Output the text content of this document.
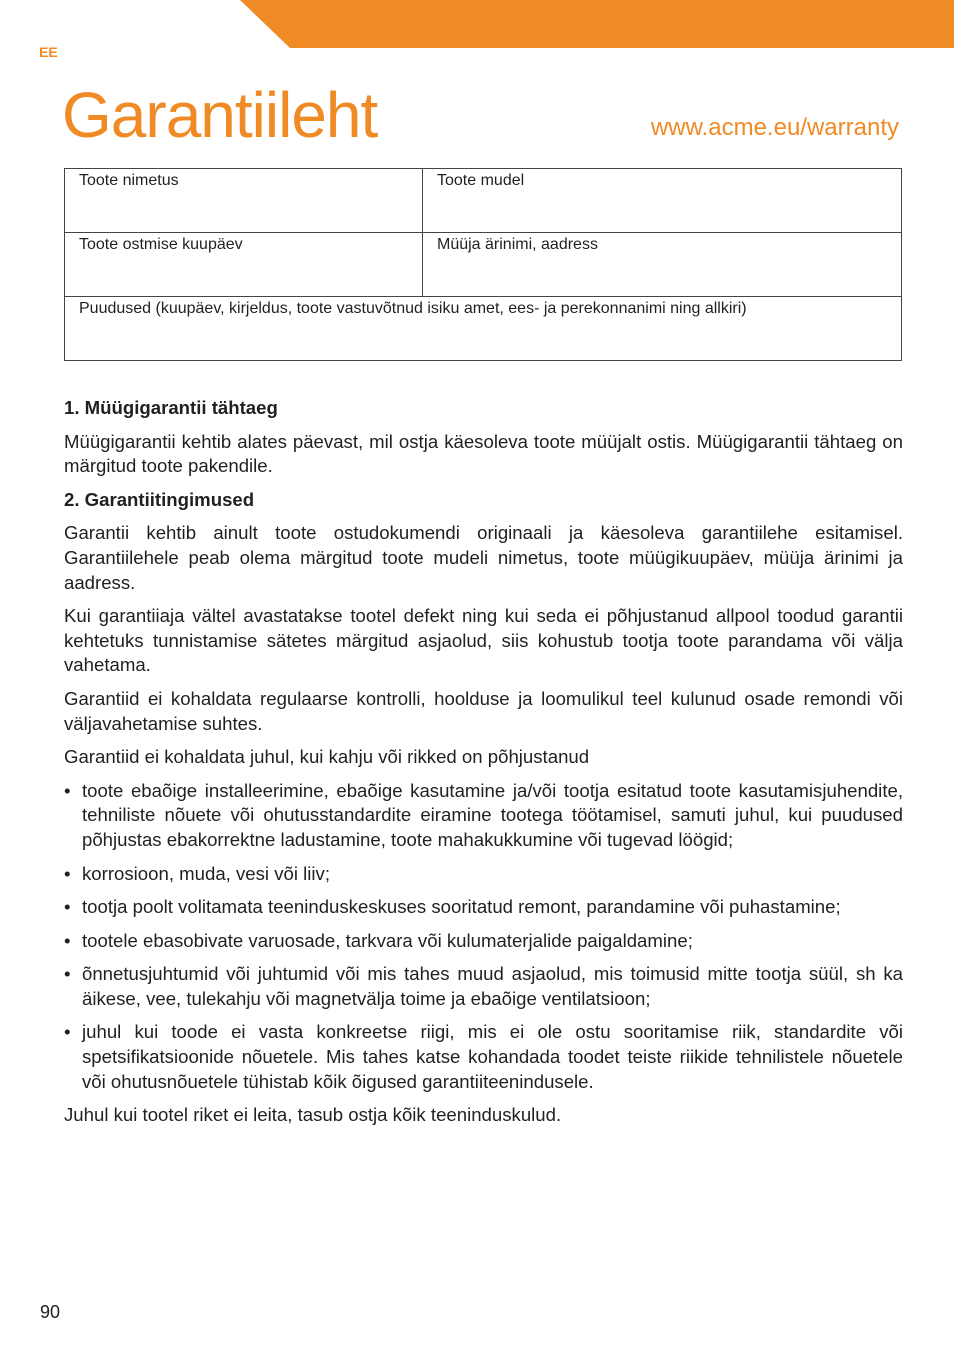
EE
Garantiileht	www.acme.eu/warranty
Toote nimetus	Toote mudel
Toote ostmise kuupäev	Müüja ärinimi, aadress
Puudused (kuupäev, kirjeldus, toote vastuvõtnud isiku amet, ees- ja perekonnanimi ning allkiri)	
1. Müügigarantii tähtaeg

Müügigarantii kehtib alates päevast, mil ostja käesoleva toote müüjalt ostis. Müügigarantii tähtaeg on märgitud toote pakendile.

2. Garantiitingimused

Garantii kehtib ainult toote ostudokumendi originaali ja käesoleva garantiilehe esitamisel. Garantiilehele peab olema märgitud toote mudeli nimetus, toote müügikuupäev, müüja ärinimi ja aadress.

Kui garantiiaja vältel avastatakse tootel defekt ning kui seda ei põhjustanud allpool toodud garantii kehtetuks tunnistamise sätetes märgitud asjaolud, siis kohustub tootja toote parandama või välja vahetama.

Garantiid ei kohaldata regulaarse kontrolli, hoolduse ja loomulikul teel kulunud osade remondi või väljavahetamise suhtes.

Garantiid ei kohaldata juhul, kui kahju või rikked on põhjustanud

• toote ebaõige installeerimine, ebaõige kasutamine ja/või tootja esitatud toote kasutamisjuhendite, tehniliste nõuete või ohutusstandardite eiramine tootega töötamisel, samuti juhul, kui puudused põhjustas ebakorrektne ladustamine, toote mahakukkumine või tugevad löögid;
• korrosioon, muda, vesi või liiv;
• tootja poolt volitamata teeninduskeskuses sooritatud remont, parandamine või puhastamine;
• tootele ebasobivate varuosade, tarkvara või kulumaterjalide paigaldamine;
• õnnetusjuhtumid või juhtumid või mis tahes muud asjaolud, mis toimusid mitte tootja süül, sh ka äikese, vee, tulekahju või magnetvälja toime ja ebaõige ventilatsioon;
• juhul kui toode ei vasta konkreetse riigi, mis ei ole ostu sooritamise riik, standardite või spetsifikatsioonide nõuetele. Mis tahes katse kohandada toodet teiste riikide tehnilistele nõuetele või ohutusnõuetele tühistab kõik õigused garantiiteenindusele.

Juhul kui tootel riket ei leita, tasub ostja kõik teeninduskulud.

90
